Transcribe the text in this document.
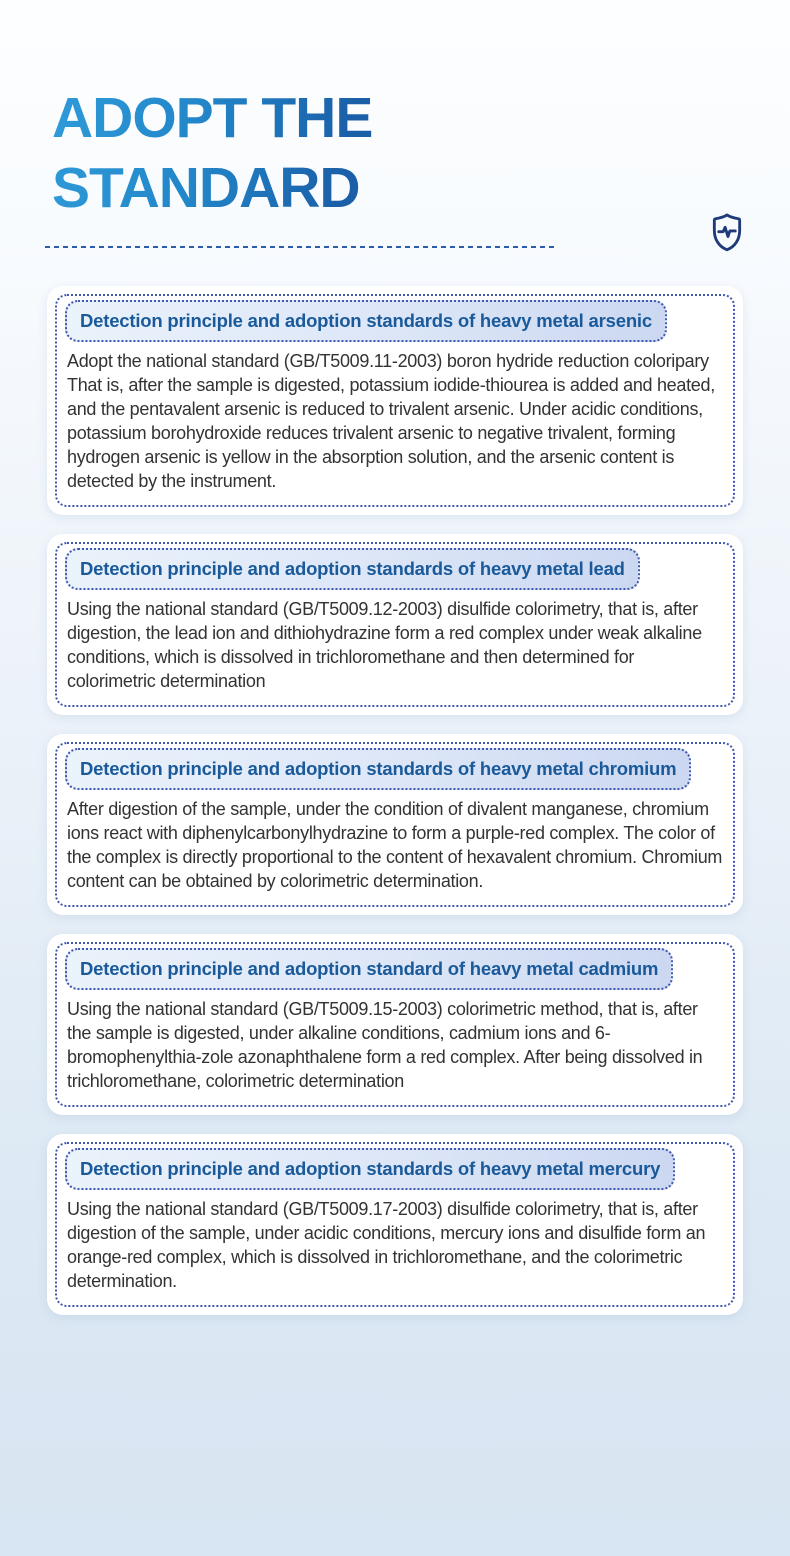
ADOPT THE
STANDARD
Detection principle and adoption standards of heavy metal arsenic

Adopt the national standard (GB/T5009.11-2003) boron hydride reduction coloripary That is, after the sample is digested, potassium iodide-thiourea is added and heated, and the pentavalent arsenic is reduced to trivalent arsenic. Under acidic conditions, potassium borohydroxide reduces trivalent arsenic to negative trivalent, forming hydrogen arsenic is yellow in the absorption solution, and the arsenic content is detected by the instrument.

Detection principle and adoption standards of heavy metal lead

Using the national standard (GB/T5009.12-2003) disulfide colorimetry, that is, after digestion, the lead ion and dithiohydrazine form a red complex under weak alkaline conditions, which is dissolved in trichloromethane and then determined for colorimetric determination

Detection principle and adoption standards of heavy metal chromium

After digestion of the sample, under the condition of divalent manganese, chromium ions react with diphenylcarbonylhydrazine to form a purple-red complex. The color of the complex is directly proportional to the content of hexavalent chromium. Chromium content can be obtained by colorimetric determination.

Detection principle and adoption standard of heavy metal cadmium

Using the national standard (GB/T5009.15-2003) colorimetric method, that is, after the sample is digested, under alkaline conditions, cadmium ions and 6-bromophenylthia-zole azonaphthalene form a red complex. After being dissolved in trichloromethane, colorimetric determination

Detection principle and adoption standards of heavy metal mercury

Using the national standard (GB/T5009.17-2003) disulfide colorimetry, that is, after digestion of the sample, under acidic conditions, mercury ions and disulfide form an orange-red complex, which is dissolved in trichloromethane, and the colorimetric determination.
